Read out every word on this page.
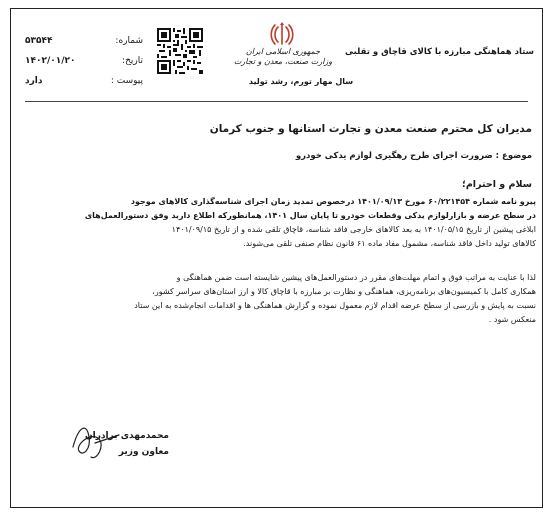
۵۳۵۴۴	شماره:
۱۴۰۲/۰۱/۲۰	تاریخ:
دارد	پیوست :
جمهوری اسلامی ایران
وزارت صنعت، معدن و تجارت
سال مهار تورم، رشد تولید
ستاد هماهنگی مبارزه با کالای قاچاق و تقلبی
مدیران کل محترم صنعت معدن و تجارت استانها و جنوب کرمان
موضوع : ضرورت اجرای طرح رهگیری لوازم یدکی خودرو
سلام و احترام؛
پیرو نامه شماره ۶۰/۲۲۱۴۵۴ مورخ ۱۴۰۱/۰۹/۱۳ درخصوص تمدید زمان اجرای شناسه‌گذاری کالاهای موجود
در سطح عرضه و بازارلوازم یدکی وقطعات خودرو تا پایان سال ۱۴۰۱، همانطورکه اطلاع دارید وفق دستورالعمل‌های
ابلاغی پیشین از تاریخ ۱۴۰۱/۰۵/۱۵ به بعد کالاهای خارجی فاقد شناسه، قاچاق تلقی شده و از تاریخ ۱۴۰۱/۰۹/۱۵
کالاهای تولید داخل فاقد شناسه، مشمول مفاد ماده ۶۱ قانون نظام صنفی تلقی می‌شوند.
لذا با عنایت به مراتب فوق و اتمام مهلت‌های مقرر در دستورالعمل‌های پیشین شایسته است ضمن هماهنگی و
همکاری کامل با کمیسیون‌های برنامه‌ریزی، هماهنگی و نظارت بر مبارزه با قاچاق کالا و ارز استان‌های سراسر کشور،
نسبت به پایش و بازرسی از سطح عرضه اقدام لازم معمول نموده و گزارش هماهنگی ها و اقدامات انجام‌شده به این ستاد
منعکس شود .
محمدمهدی برادران
معاون وزیر
